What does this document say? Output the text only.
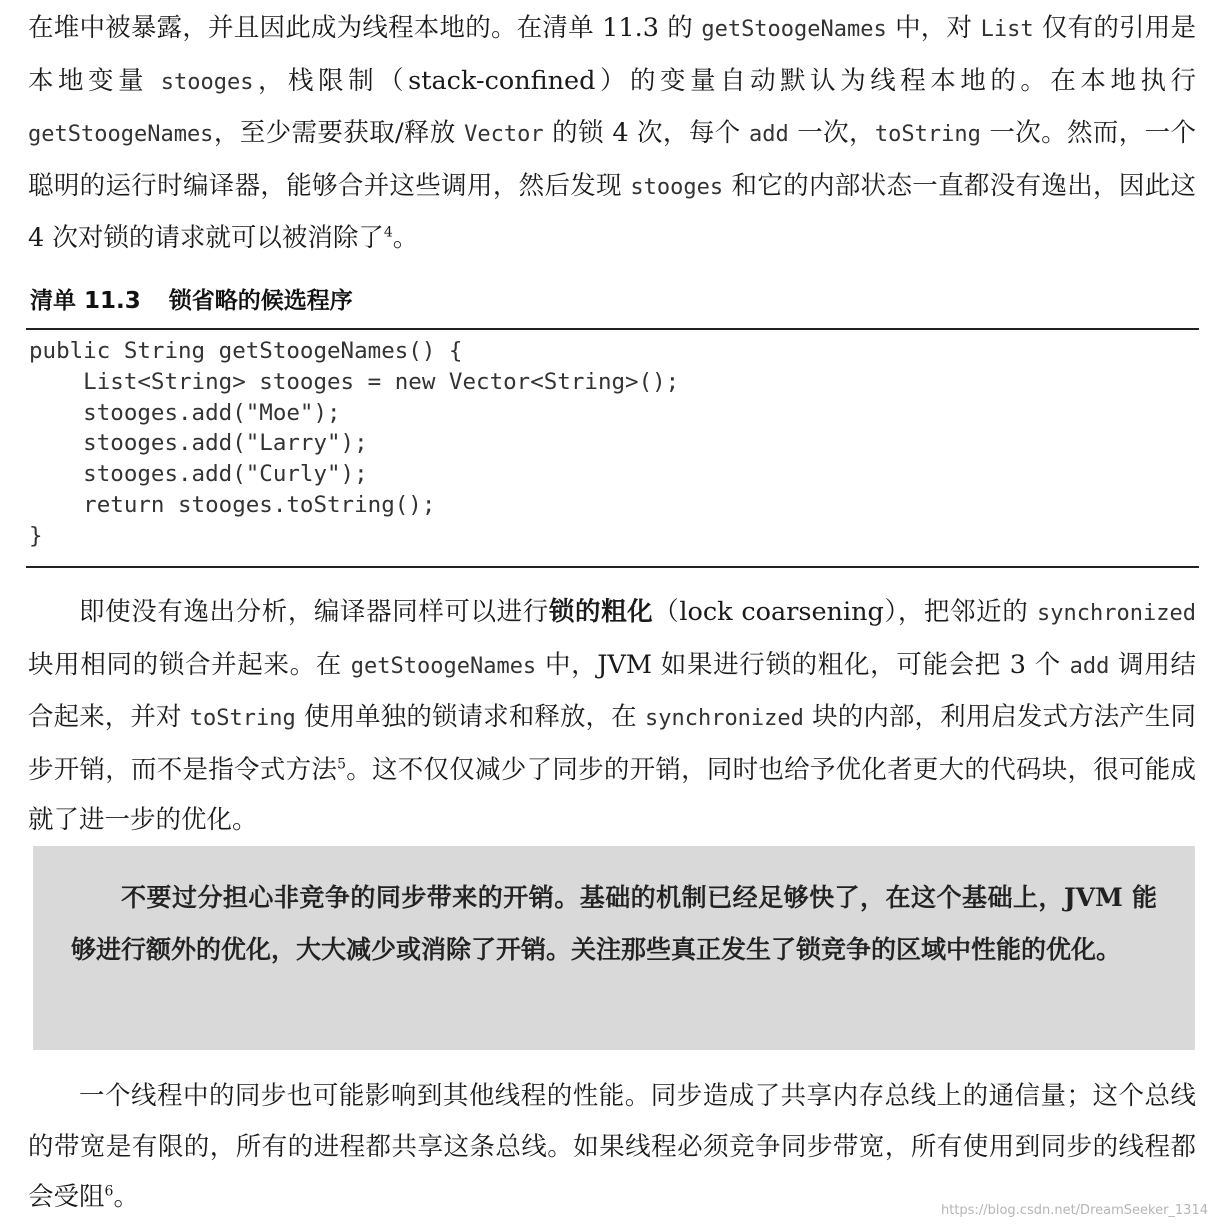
在堆中被暴露，并且因此成为线程本地的。在清单 11.3 的 getStoogeNames 中，对 List 仅有的引用是本地变量 stooges，栈限制（stack-confined）的变量自动默认为线程本地的。在本地执行 getStoogeNames，至少需要获取/释放 Vector 的锁 4 次，每个 add 一次，toString 一次。然而，一个聪明的运行时编译器，能够合并这些调用，然后发现 stooges 和它的内部状态一直都没有逸出，因此这 4 次对锁的请求就可以被消除了$^4$。

清单 11.3 锁省略的候选程序
public String getStoogeNames() {
List<String> stooges = new Vector<String>();
stooges.add("Moe");
stooges.add("Larry");
stooges.add("Curly");
return stooges.toString();
}

即使没有逸出分析，编译器同样可以进行锁的粗化（lock coarsening），把邻近的 synchronized 块用相同的锁合并起来。在 getStoogeNames 中，JVM 如果进行锁的粗化，可能会把 3 个 add 调用结合起来，并对 toString 使用单独的锁请求和释放，在 synchronized 块的内部，利用启发式方法产生同步开销，而不是指令式方法$^5$。这不仅仅减少了同步的开销，同时也给予优化者更大的代码块，很可能成就了进一步的优化。

不要过分担心非竞争的同步带来的开销。基础的机制已经足够快了，在这个基础上，JVM 能够进行额外的优化，大大减少或消除了开销。关注那些真正发生了锁竞争的区域中性能的优化。

一个线程中的同步也可能影响到其他线程的性能。同步造成了共享内存总线上的通信量；这个总线的带宽是有限的，所有的进程都共享这条总线。如果线程必须竞争同步带宽，所有使用到同步的线程都会受阻$^6$。	https://blog.csdn.net/DreamSeeker_1314
